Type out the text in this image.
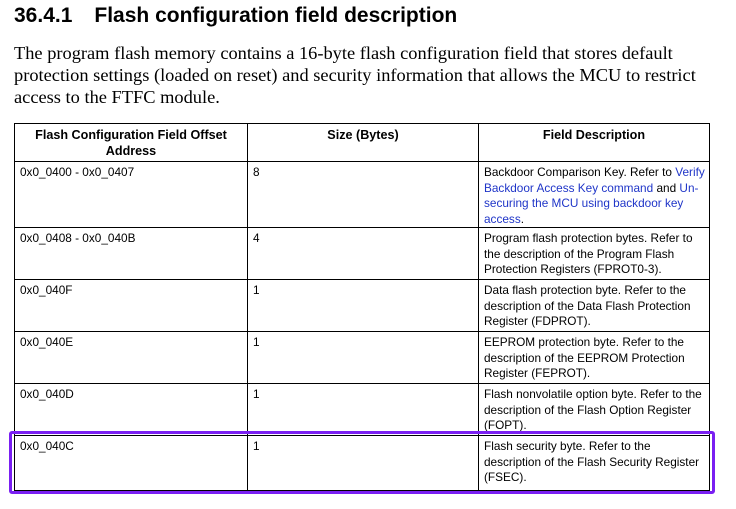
36.4.1 Flash configuration field description
The program flash memory contains a 16-byte flash configuration field that stores default protection settings (loaded on reset) and security information that allows the MCU to restrict access to the FTFC module.
Flash Configuration Field Offset Address	Size (Bytes)	Field Description
0x0_0400 - 0x0_0407	8	Backdoor Comparison Key. Refer to Verify Backdoor Access Key command and Un-securing the MCU using backdoor key access.
0x0_0408 - 0x0_040B	4	Program flash protection bytes. Refer to the description of the Program Flash Protection Registers (FPROT0-3).
0x0_040F	1	Data flash protection byte. Refer to the description of the Data Flash Protection Register (FDPROT).
0x0_040E	1	EEPROM protection byte. Refer to the description of the EEPROM Protection Register (FEPROT).
0x0_040D	1	Flash nonvolatile option byte. Refer to the description of the Flash Option Register (FOPT).
0x0_040C	1	Flash security byte. Refer to the description of the Flash Security Register (FSEC).
